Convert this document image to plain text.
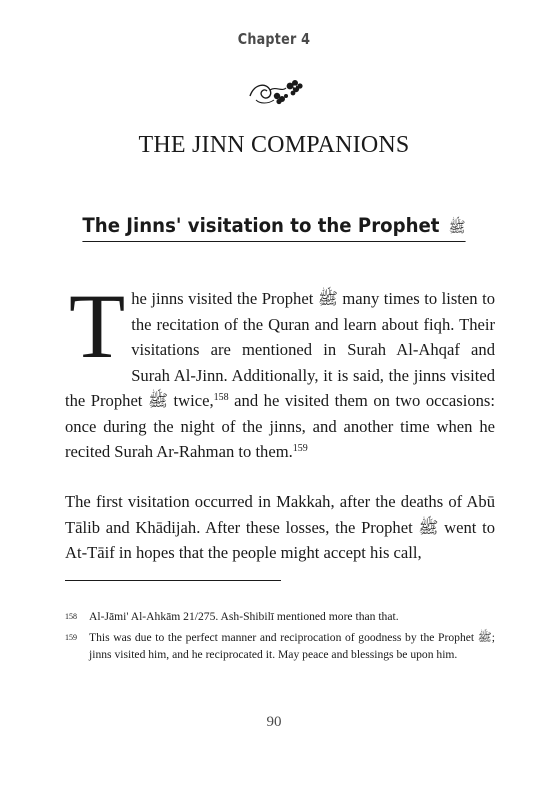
Chapter 4
THE JINN COMPANIONS
The Jinns' visitation to the Prophet ﷺ
The jinns visited the Prophet ﷺ many times to listen to the recitation of the Quran and learn about fiqh. Their visitations are mentioned in Surah Al-Ahqaf and Surah Al-Jinn. Additionally, it is said, the jinns visited the Prophet ﷺ twice,$^{158}$ and he visited them on two occasions: once during the night of the jinns, and another time when he recited Surah Ar-Rahman to them.$^{159}$
The first visitation occurred in Makkah, after the deaths of Abū Tālib and Khādijah. After these losses, the Prophet ﷺ went to At-Tāif in hopes that the people might accept his call,
158 Al-Jāmi' Al-Ahkām 21/275. Ash-Shibilī mentioned more than that.
159 This was due to the perfect manner and reciprocation of goodness by the Prophet ﷺ; jinns visited him, and he reciprocated it. May peace and blessings be upon him.
90
